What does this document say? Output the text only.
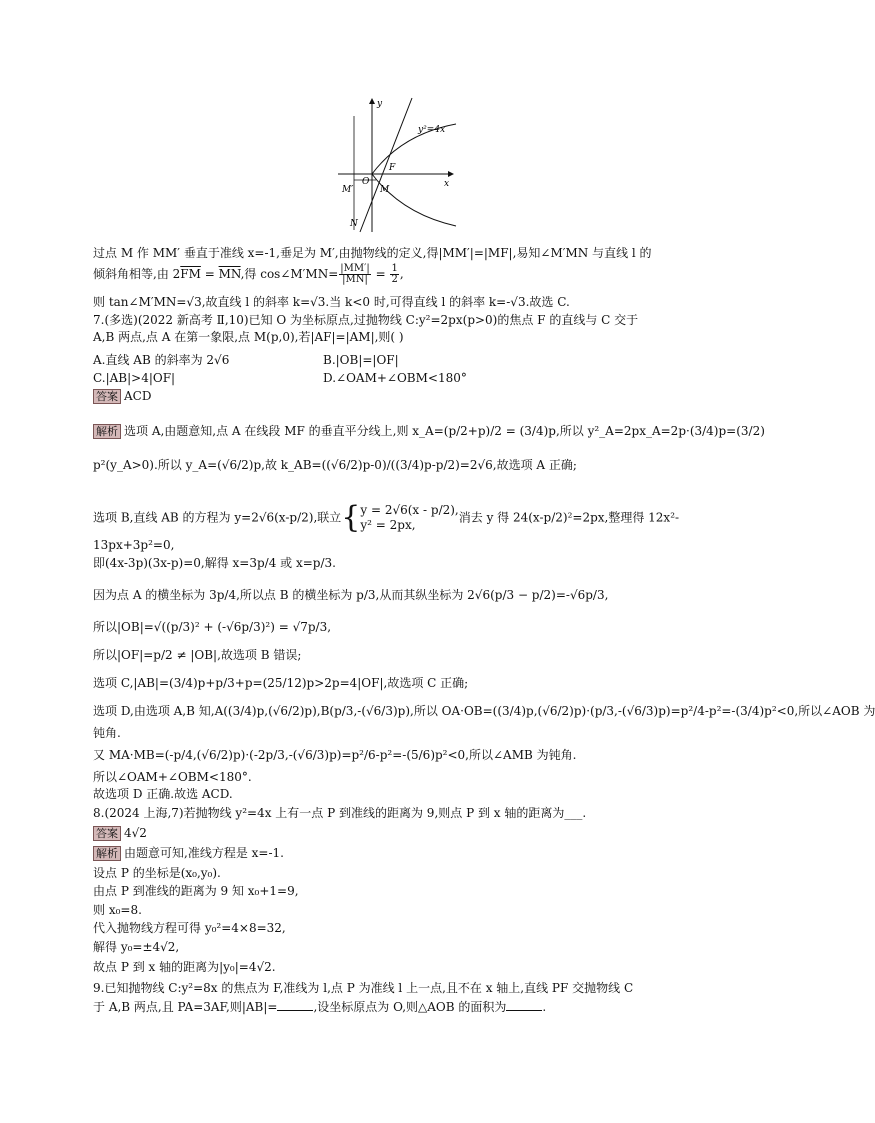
y²=4x
y
x
O
F
M
M′
N
过点 M 作 MM′ 垂直于准线 x=-1,垂足为 M′,由抛物线的定义,得|MM′|=|MF|,易知∠M′MN 与直线 l 的
倾斜角相等,由 $2\overline{FM} = \overline{MN}$,得 cos∠M′MN= $\frac{|MM'|}{|MN|} = \frac{1}{2}$ ,
则 tan∠M′MN=√3,故直线 l 的斜率 k=√3.当 k<0 时,可得直线 l 的斜率 k=-√3.故选 C.
7.(多选)(2022 新高考 Ⅱ,10)已知 O 为坐标原点,过抛物线 C:y²=2px(p>0)的焦点 F 的直线与 C 交于
A,B 两点,点 A 在第一象限,点 M(p,0),若|AF|=|AM|,则( )
A.直线 AB 的斜率为 2√6	B.|OB|=|OF|
C.|AB|>4|OF|	D.∠OAM+∠OBM<180°
答案 ACD
解析 选项 A,由题意知,点 A 在线段 MF 的垂直平分线上,则 x_A=(p/2+p)/2 = (3/4)p,所以 y²_A=2px_A=2p·(3/4)p=(3/2)
p²(y_A>0).所以 y_A=(√6/2)p,故 k_AB=((√6/2)p-0)/((3/4)p-p/2)=2√6,故选项 A 正确;
选项 B,直线 AB 的方程为 y=2√6(x-p/2),联立 { y = 2√6(x - p/2),
y² = 2px,
消去 y 得 24(x-p/2)²=2px,整理得 12x²-
13px+3p²=0,
即(4x-3p)(3x-p)=0,解得 x=3p/4 或 x=p/3.
因为点 A 的横坐标为 3p/4,所以点 B 的横坐标为 p/3,从而其纵坐标为 2√6(p/3 − p/2)=-√6p/3,
所以|OB|=√((p/3)² + (-√6p/3)²) = √7p/3,
所以|OF|=p/2 ≠ |OB|,故选项 B 错误;
选项 C,|AB|=(3/4)p+p/3+p=(25/12)p>2p=4|OF|,故选项 C 正确;
选项 D,由选项 A,B 知,A((3/4)p,(√6/2)p),B(p/3,-(√6/3)p),所以 OA·OB=((3/4)p,(√6/2)p)·(p/3,-(√6/3)p)=p²/4-p²=-(3/4)p²<0,所以∠AOB 为
钝角.
又 MA·MB=(-p/4,(√6/2)p)·(-2p/3,-(√6/3)p)=p²/6-p²=-(5/6)p²<0,所以∠AMB 为钝角.
所以∠OAM+∠OBM<180°.
故选项 D 正确.故选 ACD.
8.(2024 上海,7)若抛物线 y²=4x 上有一点 P 到准线的距离为 9,则点 P 到 x 轴的距离为___.
答案 4√2
解析 由题意可知,准线方程是 x=-1.
设点 P 的坐标是(x₀,y₀).
由点 P 到准线的距离为 9 知 x₀+1=9,
则 x₀=8.
代入抛物线方程可得 y₀²=4×8=32,
解得 y₀=±4√2,
故点 P 到 x 轴的距离为|y₀|=4√2.
9.已知抛物线 C:y²=8x 的焦点为 F,准线为 l,点 P 为准线 l 上一点,且不在 x 轴上,直线 PF 交抛物线 C
于 A,B 两点,且 PA=3AF,则|AB|=	,设坐标原点为 O,则△AOB 的面积为	.
